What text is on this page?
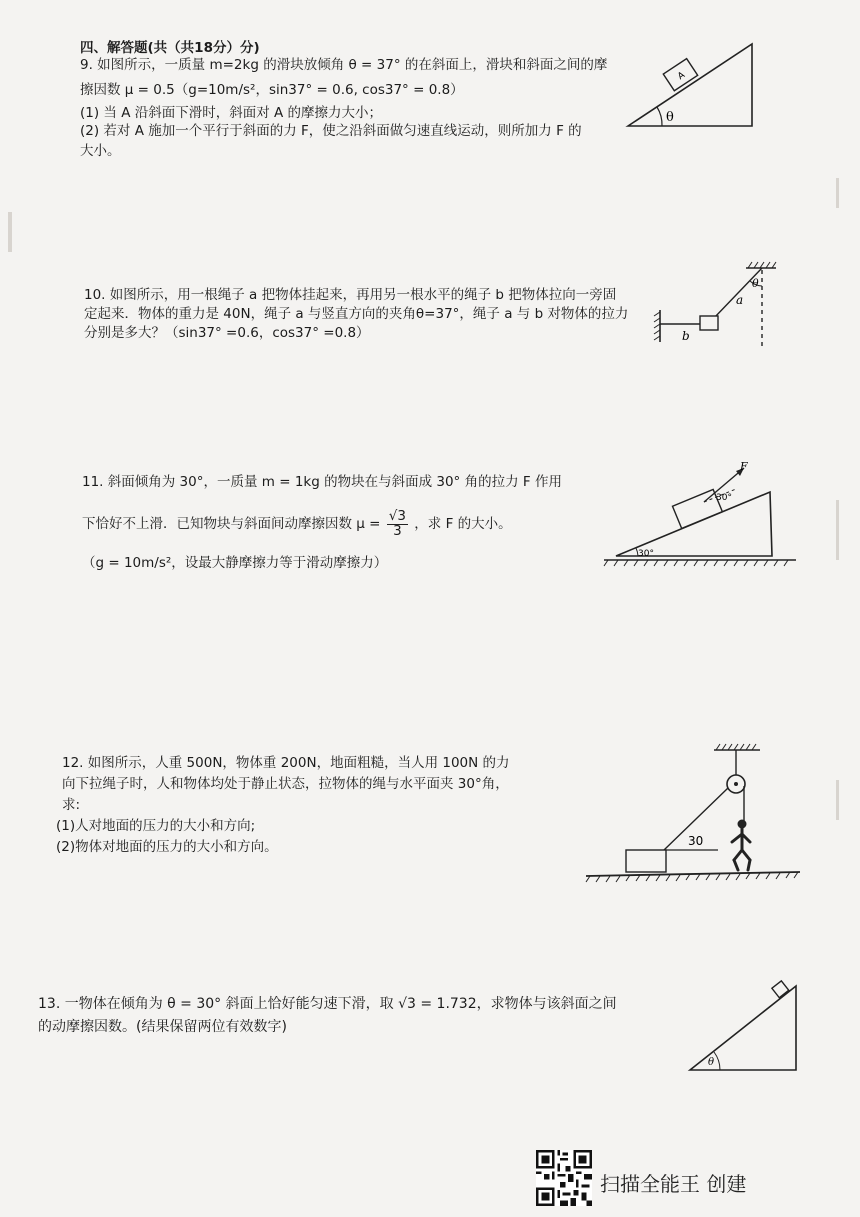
四、解答题(共（共18分）分)
9. 如图所示，一质量 m=2kg 的滑块放倾角 θ = 37° 的在斜面上，滑块和斜面之间的摩
擦因数 μ = 0.5（g=10m/s²，sin37° = 0.6, cos37° = 0.8）
(1) 当 A 沿斜面下滑时，斜面对 A 的摩擦力大小；
(2) 若对 A 施加一个平行于斜面的力 F，使之沿斜面做匀速直线运动，则所加力 F 的
大小。
A
θ
10. 如图所示，用一根绳子 a 把物体挂起来，再用另一根水平的绳子 b 把物体拉向一旁固
定起来．物体的重力是 40N，绳子 a 与竖直方向的夹角θ=37°，绳子 a 与 b 对物体的拉力
分别是多大？（sin37° =0.6，cos37° =0.8）
θ
a
b
11. 斜面倾角为 30°，一质量 m = 1kg 的物块在与斜面成 30° 角的拉力 F 作用
下恰好不上滑．已知物块与斜面间动摩擦因数 $\mu = \frac{√3}{3}$ ，求 F 的大小。
（g = 10m/s²，设最大静摩擦力等于滑动摩擦力）
F
30°
30°
12. 如图所示，人重 500N，物体重 200N，地面粗糙，当人用 100N 的力
向下拉绳子时，人和物体均处于静止状态，拉物体的绳与水平面夹 30°角，
求:
(1)人对地面的压力的大小和方向;
(2)物体对地面的压力的大小和方向。	30
13. 一物体在倾角为 θ = 30° 斜面上恰好能匀速下滑，取 √3 = 1.732，求物体与该斜面之间
的动摩擦因数。(结果保留两位有效数字)
θ
扫描全能王 创建
